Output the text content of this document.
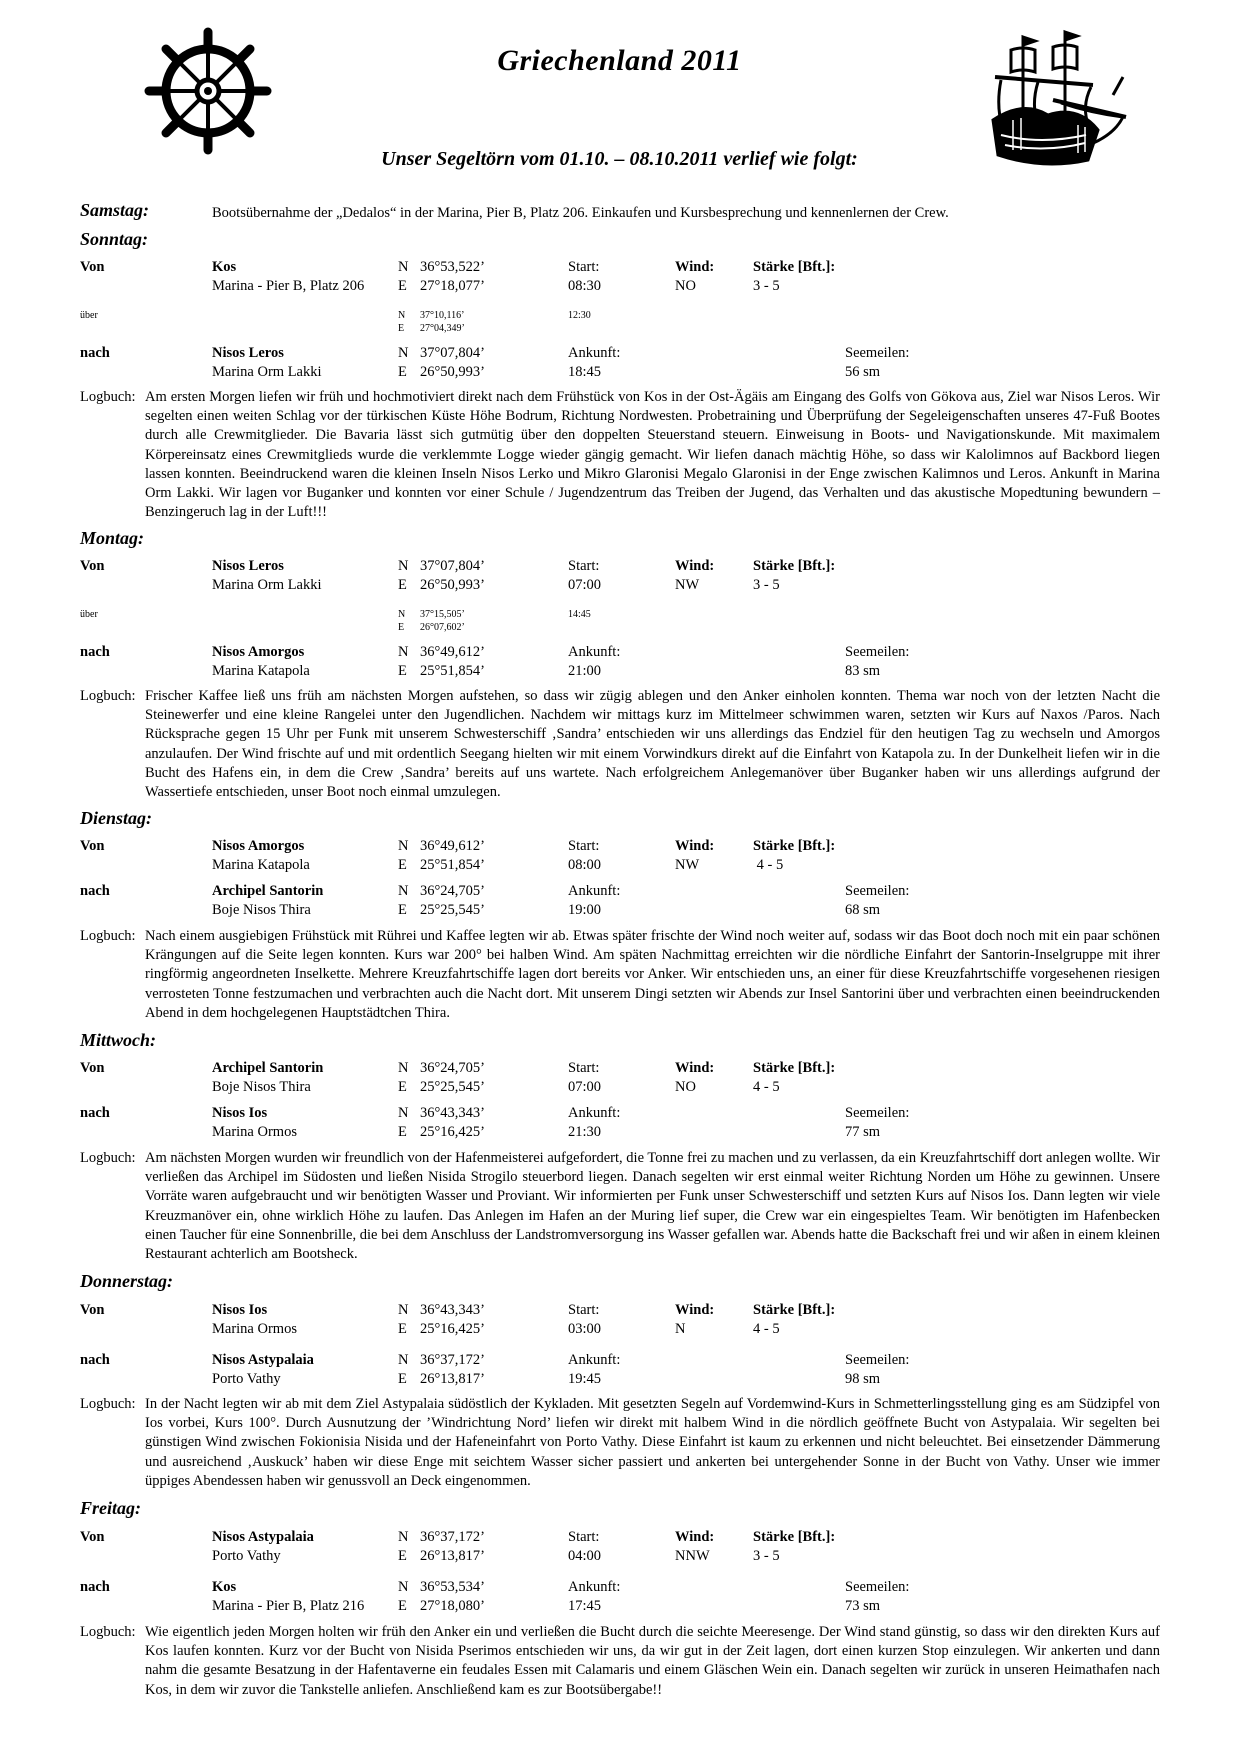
Griechenland 2011
Unser Segeltörn vom 01.10. – 08.10.2011 verlief wie folgt:
Samstag:	Bootsübernahme der „Dedalos“ in der Marina, Pier B, Platz 206. Einkaufen und Kursbesprechung und kennenlernen der Crew.
Sonntag:
Von	Kos	N 36°53,522’	Start:	Wind:	Stärke [Bft.]:
Marina - Pier B, Platz 206 E 27°18,077’	08:30	NO	3 - 5
über	N 37°10,116’	12:30
E 27°04,349’
nach	Nisos Leros	N 37°07,804’	Ankunft:	Seemeilen:
Marina Orm Lakki	E 26°50,993’	18:45	56 sm
Logbuch: Am ersten Morgen liefen wir früh und hochmotiviert direkt nach dem Frühstück von Kos in der Ost-Ägäis am Eingang des Golfs von Gökova aus, Ziel war Nisos Leros. Wir segelten einen weiten Schlag vor der türkischen Küste Höhe Bodrum, Richtung Nordwesten. Probetraining und Überprüfung der Segeleigenschaften unseres 47-Fuß Bootes durch alle Crewmitglieder. Die Bavaria lässt sich gutmütig über den doppelten Steuerstand steuern. Einweisung in Boots- und Navigationskunde. Mit maximalem Körpereinsatz eines Crewmitglieds wurde die verklemmte Logge wieder gängig gemacht. Wir liefen danach mächtig Höhe, so dass wir Kalolimnos auf Backbord liegen lassen konnten. Beeindruckend waren die kleinen Inseln Nisos Lerko und Mikro Glaronisi Megalo Glaronisi in der Enge zwischen Kalimnos und Leros. Ankunft in Marina Orm Lakki. Wir lagen vor Buganker und konnten vor einer Schule / Jugendzentrum das Treiben der Jugend, das Verhalten und das akustische Mopedtuning bewundern – Benzingeruch lag in der Luft!!!
Montag:
Von	Nisos Leros	N 37°07,804’	Start:	Wind:	Stärke [Bft.]:
Marina Orm Lakki	E 26°50,993’	07:00	NW	3 - 5
über	N 37°15,505’	14:45
E 26°07,602’
nach	Nisos Amorgos	N 36°49,612’	Ankunft:	Seemeilen:
Marina Katapola	E 25°51,854’	21:00	83 sm
Logbuch: Frischer Kaffee ließ uns früh am nächsten Morgen aufstehen, so dass wir zügig ablegen und den Anker einholen konnten. Thema war noch von der letzten Nacht die Steinewerfer und eine kleine Rangelei unter den Jugendlichen. Nachdem wir mittags kurz im Mittelmeer schwimmen waren, setzten wir Kurs auf Naxos /Paros. Nach Rücksprache gegen 15 Uhr per Funk mit unserem Schwesterschiff ‚Sandra’ entschieden wir uns allerdings das Endziel für den heutigen Tag zu wechseln und Amorgos anzulaufen. Der Wind frischte auf und mit ordentlich Seegang hielten wir mit einem Vorwindkurs direkt auf die Einfahrt von Katapola zu. In der Dunkelheit liefen wir in die Bucht des Hafens ein, in dem die Crew ‚Sandra’ bereits auf uns wartete. Nach erfolgreichem Anlegemanöver über Buganker haben wir uns allerdings aufgrund der Wassertiefe entschieden, unser Boot noch einmal umzulegen.
Dienstag:
Von	Nisos Amorgos	N 36°49,612’	Start:	Wind:	Stärke [Bft.]:
Marina Katapola	E 25°51,854’	08:00	NW	4 - 5
nach	Archipel Santorin	N 36°24,705’	Ankunft:	Seemeilen:
Boje Nisos Thira	E 25°25,545’	19:00	68 sm
Logbuch: Nach einem ausgiebigen Frühstück mit Rührei und Kaffee legten wir ab. Etwas später frischte der Wind noch weiter auf, sodass wir das Boot doch noch mit ein paar schönen Krängungen auf die Seite legen konnten. Kurs war 200° bei halben Wind. Am späten Nachmittag erreichten wir die nördliche Einfahrt der Santorin-Inselgruppe mit ihrer ringförmig angeordneten Inselkette. Mehrere Kreuzfahrtschiffe lagen dort bereits vor Anker. Wir entschieden uns, an einer für diese Kreuzfahrtschiffe vorgesehenen riesigen verrosteten Tonne festzumachen und verbrachten auch die Nacht dort. Mit unserem Dingi setzten wir Abends zur Insel Santorini über und verbrachten einen beeindruckenden Abend in dem hochgelegenen Hauptstädtchen Thira.
Mittwoch:
Von	Archipel Santorin	N 36°24,705’	Start:	Wind:	Stärke [Bft.]:
Boje Nisos Thira	E 25°25,545’	07:00	NO	4 - 5
nach	Nisos Ios	N 36°43,343’	Ankunft:	Seemeilen:
Marina Ormos	E 25°16,425’	21:30	77 sm
Logbuch: Am nächsten Morgen wurden wir freundlich von der Hafenmeisterei aufgefordert, die Tonne frei zu machen und zu verlassen, da ein Kreuzfahrtschiff dort anlegen wollte. Wir verließen das Archipel im Südosten und ließen Nisida Strogilo steuerbord liegen. Danach segelten wir erst einmal weiter Richtung Norden um Höhe zu gewinnen. Unsere Vorräte waren aufgebraucht und wir benötigten Wasser und Proviant. Wir informierten per Funk unser Schwesterschiff und setzten Kurs auf Nisos Ios. Dann legten wir viele Kreuzmanöver ein, ohne wirklich Höhe zu laufen. Das Anlegen im Hafen an der Muring lief super, die Crew war ein eingespieltes Team. Wir benötigten im Hafenbecken einen Taucher für eine Sonnenbrille, die bei dem Anschluss der Landstromversorgung ins Wasser gefallen war. Abends hatte die Backschaft frei und wir aßen in einem kleinen Restaurant achterlich am Bootsheck.
Donnerstag:
Von	Nisos Ios	N 36°43,343’	Start:	Wind:	Stärke [Bft.]:
Marina Ormos	E 25°16,425’	03:00	N	4 - 5
nach	Nisos Astypalaia	N 36°37,172’	Ankunft:	Seemeilen:
Porto Vathy	E 26°13,817’	19:45	98 sm
Logbuch: In der Nacht legten wir ab mit dem Ziel Astypalaia südöstlich der Kykladen. Mit gesetzten Segeln auf Vordemwind-Kurs in Schmetterlingsstellung ging es am Südzipfel von Ios vorbei, Kurs 100°. Durch Ausnutzung der ’Windrichtung Nord’ liefen wir direkt mit halbem Wind in die nördlich geöffnete Bucht von Astypalaia. Wir segelten bei günstigen Wind zwischen Fokionisia Nisida und der Hafeneinfahrt von Porto Vathy. Diese Einfahrt ist kaum zu erkennen und nicht beleuchtet. Bei einsetzender Dämmerung und ausreichend ‚Auskuck’ haben wir diese Enge mit seichtem Wasser sicher passiert und ankerten bei untergehender Sonne in der Bucht von Vathy. Unser wie immer üppiges Abendessen haben wir genussvoll an Deck eingenommen.
Freitag:
Von	Nisos Astypalaia	N 36°37,172’	Start:	Wind:	Stärke [Bft.]:
Porto Vathy	E 26°13,817’	04:00	NNW	3 - 5
nach	Kos	N 36°53,534’	Ankunft:	Seemeilen:
Marina - Pier B, Platz 216 E 27°18,080’	17:45	73 sm
Logbuch: Wie eigentlich jeden Morgen holten wir früh den Anker ein und verließen die Bucht durch die seichte Meeresenge. Der Wind stand günstig, so dass wir den direkten Kurs auf Kos laufen konnten. Kurz vor der Bucht von Nisida Pserimos entschieden wir uns, da wir gut in der Zeit lagen, dort einen kurzen Stop einzulegen. Wir ankerten und dann nahm die gesamte Besatzung in der Hafentaverne ein feudales Essen mit Calamaris und einem Gläschen Wein ein. Danach segelten wir zurück in unseren Heimathafen nach Kos, in dem wir zuvor die Tankstelle anliefen. Anschließend kam es zur Bootsübergabe!!
